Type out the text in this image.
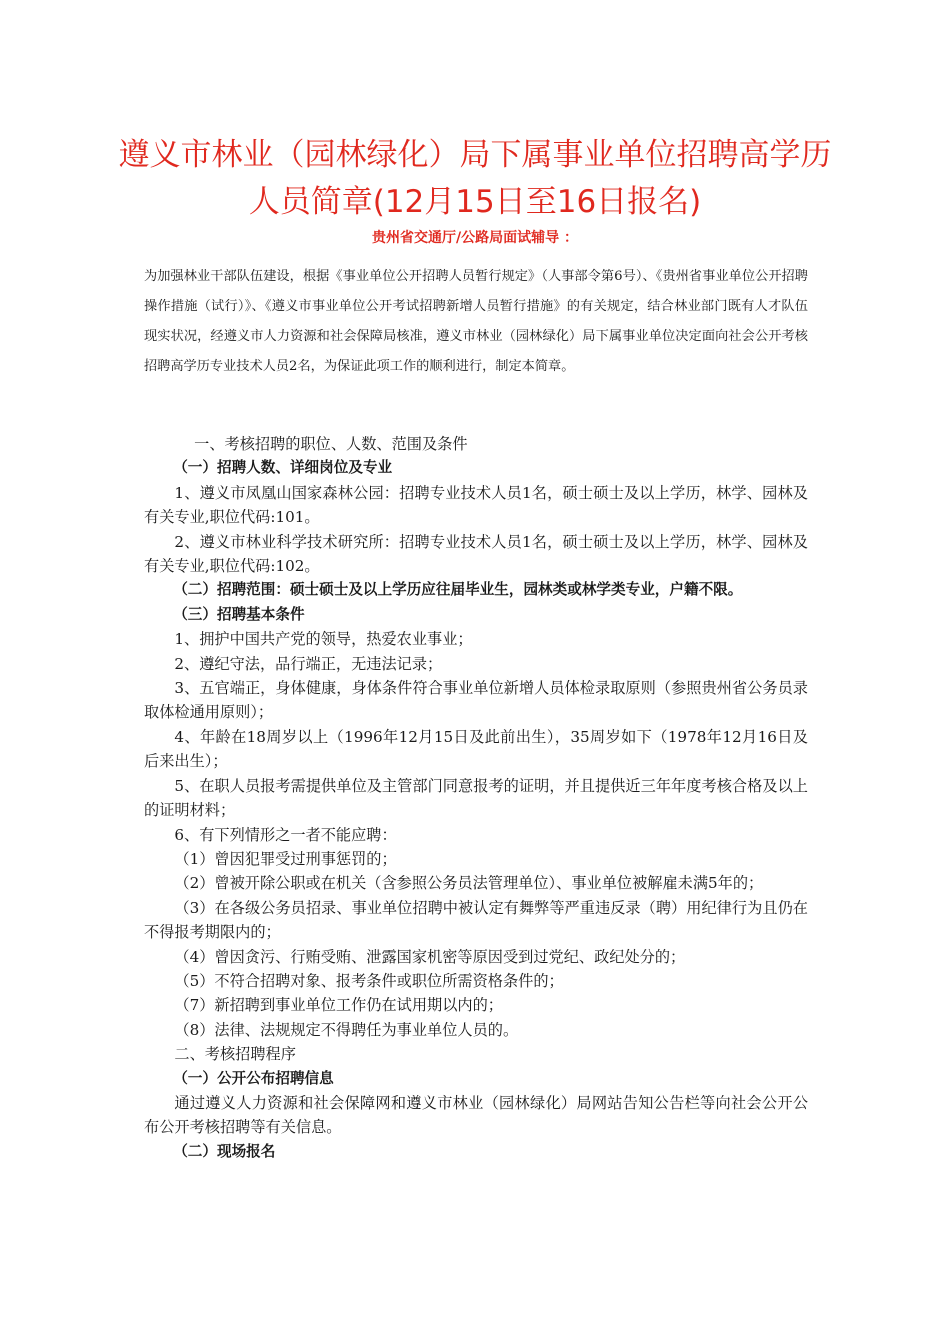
遵义市林业（园林绿化）局下属事业单位招聘高学历
人员简章(12月15日至16日报名)
贵州省交通厅/公路局面试辅导 ：

为加强林业干部队伍建设，根据《事业单位公开招聘人员暂行规定》（人事部令第6号）、《贵州省事业单位公开招聘操作措施（试行）》、《遵义市事业单位公开考试招聘新增人员暂行措施》的有关规定，结合林业部门既有人才队伍现实状况，经遵义市人力资源和社会保障局核准，遵义市林业（园林绿化）局下属事业单位决定面向社会公开考核招聘高学历专业技术人员2名，为保证此项工作的顺利进行，制定本简章。

一、考核招聘的职位、人数、范围及条件

（一）招聘人数、详细岗位及专业

1、遵义市凤凰山国家森林公园：招聘专业技术人员1名，硕士硕士及以上学历，林学、园林及有关专业,职位代码:101。

2、遵义市林业科学技术研究所：招聘专业技术人员1名，硕士硕士及以上学历，林学、园林及有关专业,职位代码:102。

（二）招聘范围：硕士硕士及以上学历应往届毕业生，园林类或林学类专业，户籍不限。

（三）招聘基本条件

1、拥护中国共产党的领导，热爱农业事业；

2、遵纪守法，品行端正，无违法记录；

3、五官端正，身体健康，身体条件符合事业单位新增人员体检录取原则（参照贵州省公务员录取体检通用原则）；

4、年龄在18周岁以上（1996年12月15日及此前出生），35周岁如下（1978年12月16日及后来出生）；

5、在职人员报考需提供单位及主管部门同意报考的证明，并且提供近三年年度考核合格及以上的证明材料；

6、有下列情形之一者不能应聘：

（1）曾因犯罪受过刑事惩罚的；

（2）曾被开除公职或在机关（含参照公务员法管理单位）、事业单位被解雇未满5年的；

（3）在各级公务员招录、事业单位招聘中被认定有舞弊等严重违反录（聘）用纪律行为且仍在不得报考期限内的；

（4）曾因贪污、行贿受贿、泄露国家机密等原因受到过党纪、政纪处分的；

（5）不符合招聘对象、报考条件或职位所需资格条件的；

（7）新招聘到事业单位工作仍在试用期以内的；

（8）法律、法规规定不得聘任为事业单位人员的。

二、考核招聘程序

（一）公开公布招聘信息

通过遵义人力资源和社会保障网和遵义市林业（园林绿化）局网站告知公告栏等向社会公开公布公开考核招聘等有关信息。

（二）现场报名
